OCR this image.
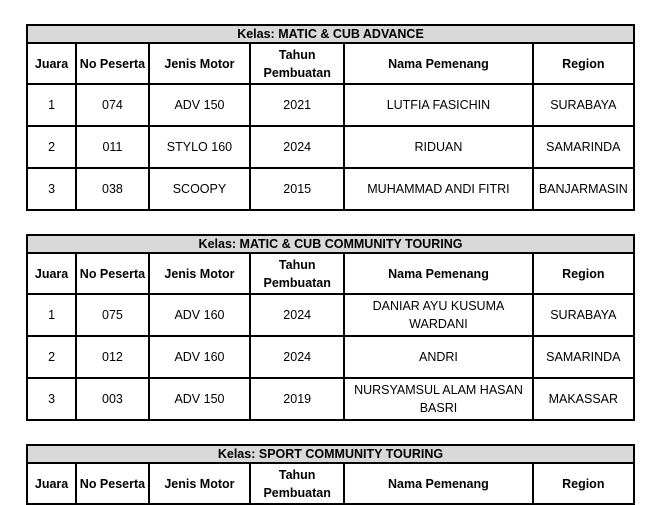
Kelas: MATIC & CUB ADVANCE					
Juara	No Peserta	Jenis Motor	Tahun Pembuatan	Nama Pemenang	Region
1	074	ADV 150	2021	LUTFIA FASICHIN	SURABAYA
2	011	STYLO 160	2024	RIDUAN	SAMARINDA
3	038	SCOOPY	2015	MUHAMMAD ANDI FITRI	BANJARMASIN
Kelas: MATIC & CUB COMMUNITY TOURING					
Juara	No Peserta	Jenis Motor	Tahun Pembuatan	Nama Pemenang	Region
1	075	ADV 160	2024	DANIAR AYU KUSUMA WARDANI	SURABAYA
2	012	ADV 160	2024	ANDRI	SAMARINDA
3	003	ADV 150	2019	NURSYAMSUL ALAM HASAN BASRI	MAKASSAR
Kelas: SPORT COMMUNITY TOURING
Juara	No Peserta	Jenis Motor	Tahun Pembuatan	Nama Pemenang	Region
